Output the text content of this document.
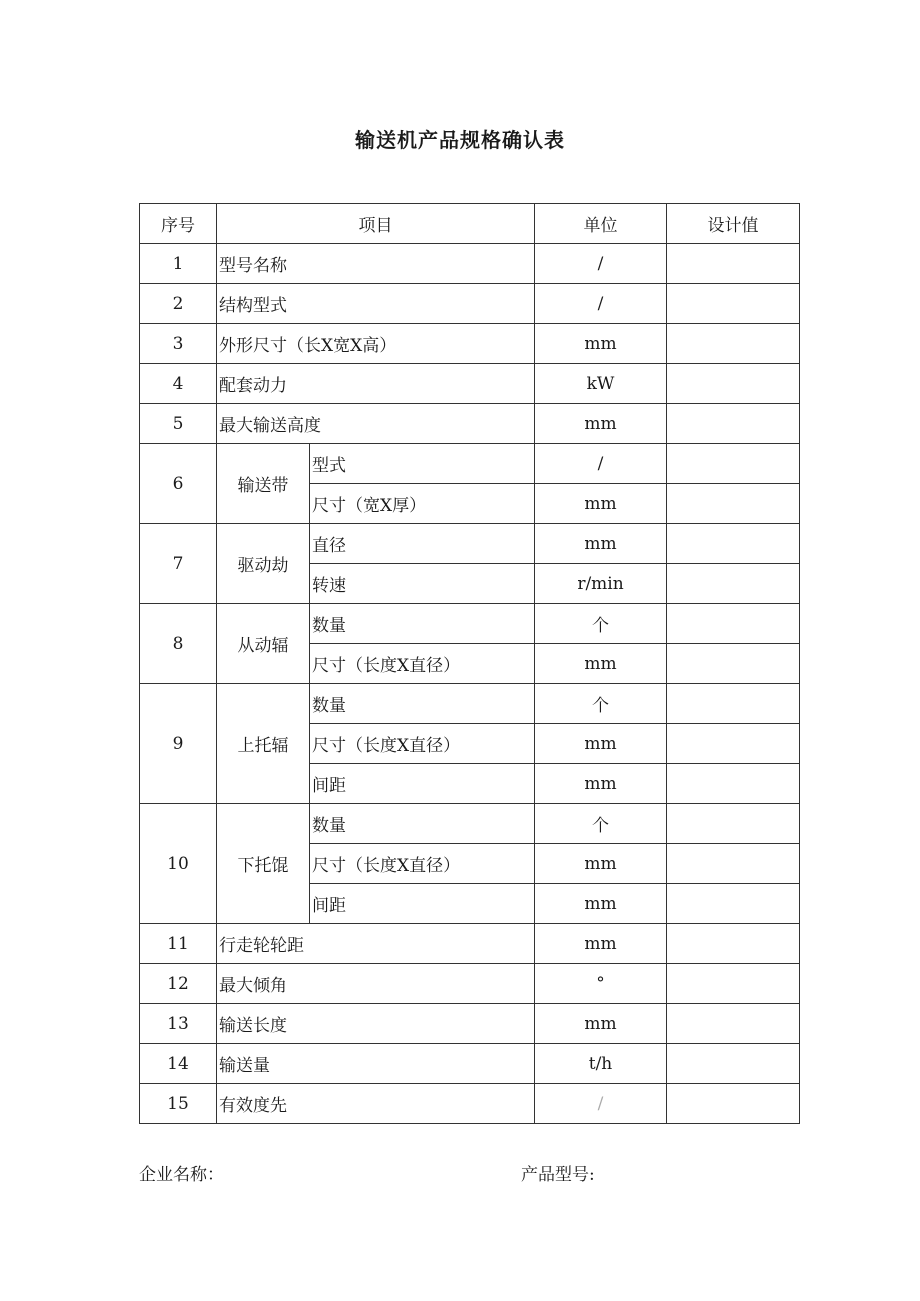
输送机产品规格确认表
序号	项目		单位	设计值
1	型号名称		/	
2	结构型式		/	
3	外形尺寸（长X宽X高）		mm	
4	配套动力		kW	
5	最大输送高度		mm	
6	输送带	型式	/	
		尺寸（宽X厚）	mm	
7	驱动劫	直径	mm	
		转速	r/min	
8	从动辐	数量	个	
		尺寸（长度X直径）	mm	
9	上托辐	数量	个	
		尺寸（长度X直径）	mm	
		间距	mm	
10	下托馄	数量	个	
		尺寸（长度X直径）	mm	
		间距	mm	
11	行走轮轮距		mm	
12	最大倾角		°	
13	输送长度		mm	
14	输送量		t/h	
15	有效度先		/	
企业名称：	产品型号:
